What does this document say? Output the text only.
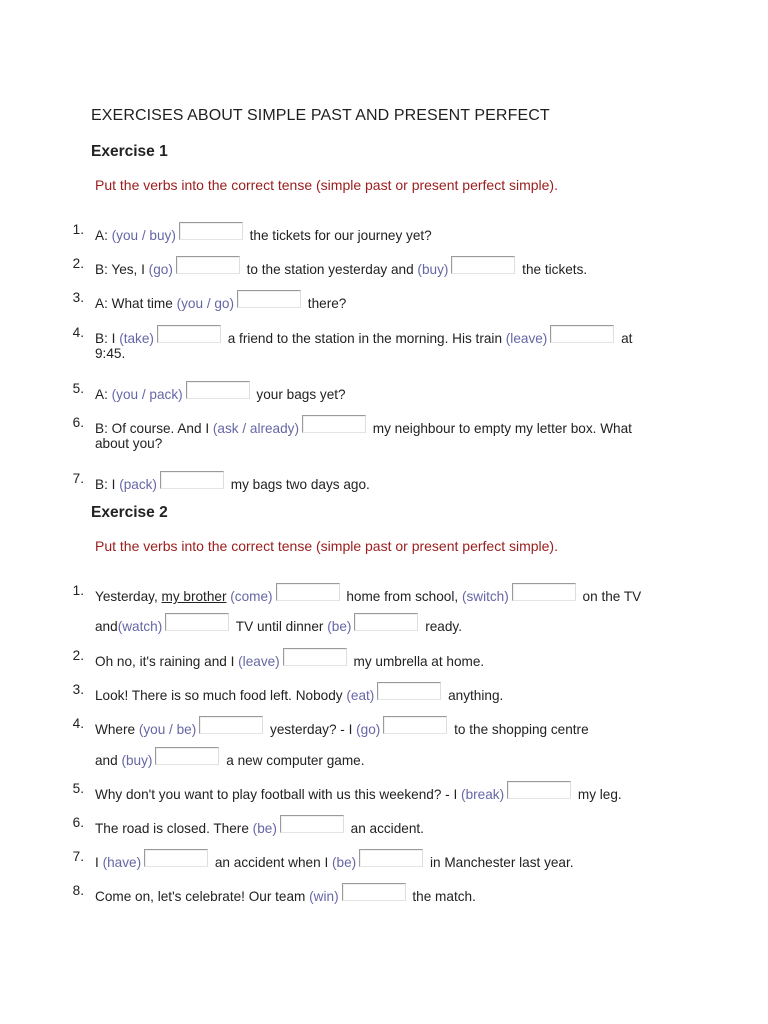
EXERCISES ABOUT SIMPLE PAST AND PRESENT PERFECT
Exercise 1

Put the verbs into the correct tense (simple past or present perfect simple).

1. A: (you / buy)	the tickets for our journey yet?
2. B: Yes, I (go)	to the station yesterday and (buy)	the tickets.
3. A: What time (you / go)	there?
4. B: I (take)	a friend to the station in the morning. His train (leave)	at
9:45.
5. A: (you / pack)	your bags yet?
6. B: Of course. And I (ask / already)	my neighbour to empty my letter box. What
about you?
7. B: I (pack)	my bags two days ago.
Exercise 2

Put the verbs into the correct tense (simple past or present perfect simple).

1. Yesterday, my brother (come)	home from school, (switch)	on the TV
and(watch)	TV until dinner (be)	ready.
2. Oh no, it's raining and I (leave)	my umbrella at home.
3. Look! There is so much food left. Nobody (eat)	anything.
4. Where (you / be)	yesterday? - I (go)	to the shopping centre
and (buy)	a new computer game.
5. Why don't you want to play football with us this weekend? - I (break)	my leg.
6. The road is closed. There (be)	an accident.
7. I (have)	an accident when I (be)	in Manchester last year.
8. Come on, let's celebrate! Our team (win)	the match.
